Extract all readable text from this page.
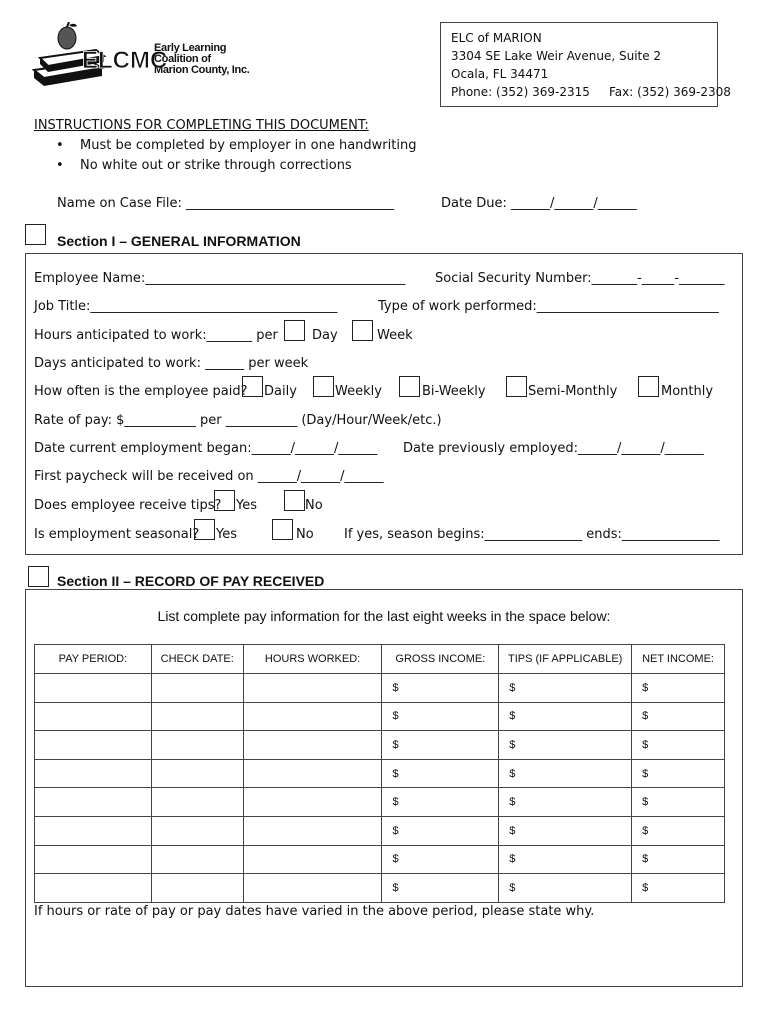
ELCMC
Early Learning
Coalition of
Marion County, Inc.
ELC of MARION
3304 SE Lake Weir Avenue, Suite 2
Ocala, FL 34471
Phone: (352) 369-2315     Fax: (352) 369-2308
INSTRUCTIONS FOR COMPLETING THIS DOCUMENT:
• Must be completed by employer in one handwriting
• No white out or strike through corrections
Name on Case File: ________________________________	Date Due: ______/______/______
Section I – GENERAL INFORMATION
Employee Name:________________________________________ Social Security Number:_______-_____-_______
Job Title:______________________________________	Type of work performed:____________________________
Hours anticipated to work:_______ per	Day	Week
Days anticipated to work: ______ per week
How often is the employee paid? Daily	Weekly	Bi-Weekly	Semi-Monthly	Monthly
Rate of pay: $___________ per ___________ (Day/Hour/Week/etc.)
Date current employment began:______/______/______ Date previously employed:______/______/______
First paycheck will be received on ______/______/______
Does employee receive tips? Yes	No
Is employment seasonal? Yes	No If yes, season begins:_______________ ends:_______________
Section II – RECORD OF PAY RECEIVED
List complete pay information for the last eight weeks in the space below:
PAY PERIOD:	CHECK DATE:	HOURS WORKED:	GROSS INCOME:	TIPS (IF APPLICABLE)	NET INCOME:
			$	$	$
			$	$	$
			$	$	$
			$	$	$
			$	$	$
			$	$	$
			$	$	$
			$	$	$
If hours or rate of pay or pay dates have varied in the above period, please state why.
